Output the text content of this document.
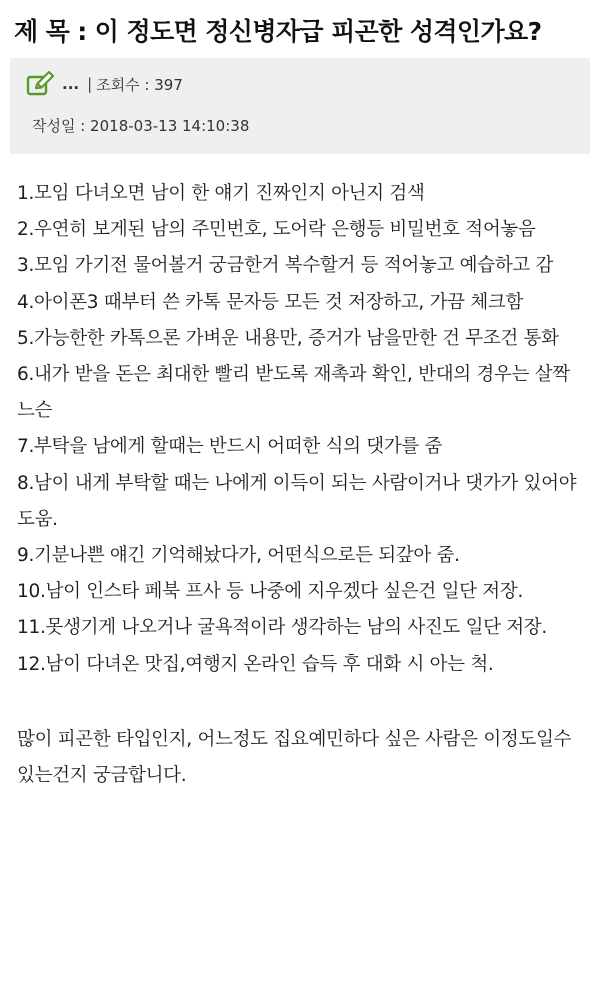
제 목 : 이 정도면 정신병자급 피곤한 성격인가요?
... | 조회수 : 397
작성일 : 2018-03-13 14:10:38

1.모임 다녀오면 남이 한 얘기 진짜인지 아닌지 검색

2.우연히 보게된 남의 주민번호, 도어락 은행등 비밀번호 적어놓음

3.모임 가기전 물어볼거 궁금한거 복수할거 등 적어놓고 예습하고 감

4.아이폰3 때부터 쓴 카톡 문자등 모든 것 저장하고, 가끔 체크함

5.가능한한 카톡으론 가벼운 내용만, 증거가 남을만한 건 무조건 통화

6.내가 받을 돈은 최대한 빨리 받도록 재촉과 확인, 반대의 경우는 살짝 느슨

7.부탁을 남에게 할때는 반드시 어떠한 식의 댓가를 줌

8.남이 내게 부탁할 때는 나에게 이득이 되는 사람이거나 댓가가 있어야 도움.

9.기분나쁜 얘긴 기억해놨다가, 어떤식으로든 되갚아 줌.

10.남이 인스타 페북 프사 등 나중에 지우겠다 싶은건 일단 저장.

11.못생기게 나오거나 굴욕적이라 생각하는 남의 사진도 일단 저장.

12.남이 다녀온 맛집,여행지 온라인 습득 후 대화 시 아는 척.

많이 피곤한 타입인지, 어느정도 집요예민하다 싶은 사람은 이정도일수 있는건지 궁금합니다.
